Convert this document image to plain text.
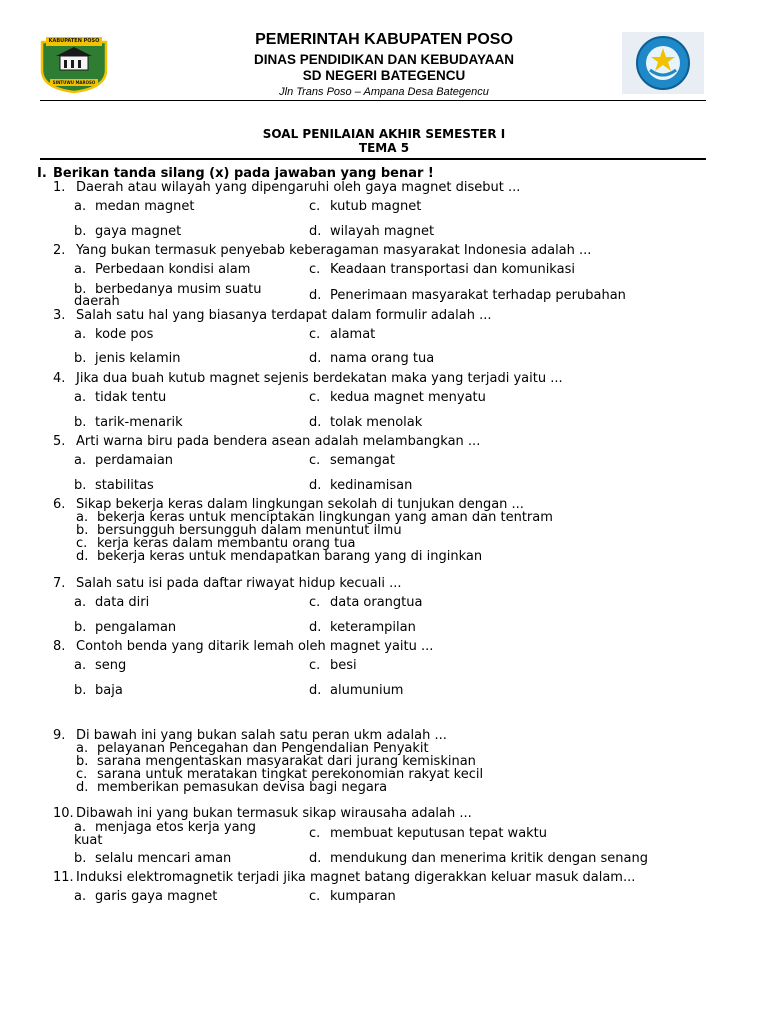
KABUPATEN POSO
SINTUWU MAROSO
PEMERINTAH KABUPATEN POSO
DINAS PENDIDIKAN DAN KEBUDAYAAN
SD NEGERI BATEGENCU
Jln Trans Poso – Ampana Desa Bategencu
SOAL PENILAIAN AKHIR SEMESTER I
TEMA 5
I. Berikan tanda silang (x) pada jawaban yang benar !
1. Daerah atau wilayah yang dipengaruhi oleh gaya magnet disebut ...
a. medan magnet	c. kutub magnet
b. gaya magnet	d. wilayah magnet
2. Yang bukan termasuk penyebab keberagaman masyarakat Indonesia adalah ...
a. Perbedaan kondisi alam	c. Keadaan transportasi dan komunikasi
b. berbedanya musim suatu
daerah	d. Penerimaan masyarakat terhadap perubahan
3. Salah satu hal yang biasanya terdapat dalam formulir adalah ...
a. kode pos	c. alamat
b. jenis kelamin	d. nama orang tua
4. Jika dua buah kutub magnet sejenis berdekatan maka yang terjadi yaitu ...
a. tidak tentu	c. kedua magnet menyatu
b. tarik-menarik	d. tolak menolak
5. Arti warna biru pada bendera asean adalah melambangkan ...
a. perdamaian	c. semangat
b. stabilitas	d. kedinamisan
6. Sikap bekerja keras dalam lingkungan sekolah di tunjukan dengan ...
a. bekerja keras untuk menciptakan lingkungan yang aman dan tentram
b. bersungguh bersungguh dalam menuntut ilmu
c. kerja keras dalam membantu orang tua
d. bekerja keras untuk mendapatkan barang yang di inginkan
7. Salah satu isi pada daftar riwayat hidup kecuali ...
a. data diri	c. data orangtua
b. pengalaman	d. keterampilan
8. Contoh benda yang ditarik lemah oleh magnet yaitu ...
a. seng	c. besi
b. baja	d. alumunium
9. Di bawah ini yang bukan salah satu peran ukm adalah ...
a. pelayanan Pencegahan dan Pengendalian Penyakit
b. sarana mengentaskan masyarakat dari jurang kemiskinan
c. sarana untuk meratakan tingkat perekonomian rakyat kecil
d. memberikan pemasukan devisa bagi negara
10. Dibawah ini yang bukan termasuk sikap wirausaha adalah ...
a. menjaga etos kerja yang
kuat	c. membuat keputusan tepat waktu
b. selalu mencari aman	d. mendukung dan menerima kritik dengan senang
11. Induksi elektromagnetik terjadi jika magnet batang digerakkan keluar masuk dalam...
a. garis gaya magnet	c. kumparan
